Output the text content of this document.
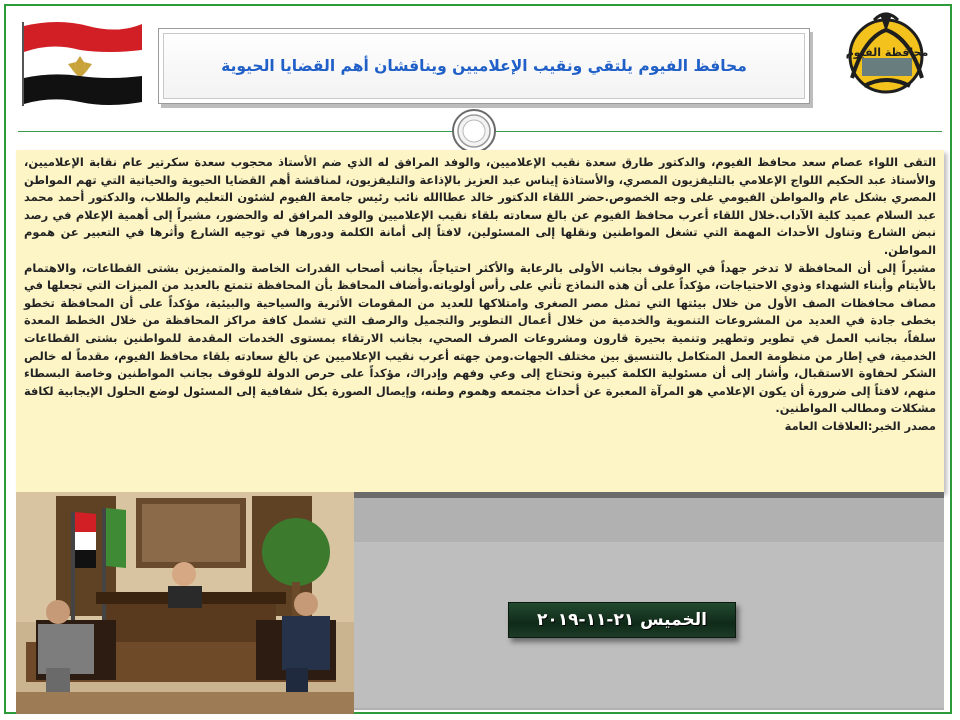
محافظة الفيوم
محافظ الفيوم يلتقي ونقيب الإعلاميين ويناقشان أهم القضايا الحيوية

التقى اللواء عصام سعد محافظ الفيوم، والدكتور طارق سعدة نقيب الإعلاميين، والوفد المرافق له الذي ضم الأستاذ محجوب سعدة سكرتير عام نقابة الإعلاميين، والأستاذ عبد الحكيم اللواج الإعلامي بالتليفزيون المصري، والأستاذة إيناس عبد العزيز بالإذاعة والتليفزيون، لمناقشة أهم القضايا الحيوية والحياتية التي تهم المواطن المصري بشكل عام والمواطن الفيومي على وجه الخصوص.حضر اللقاء الدكتور خالد عطاالله نائب رئيس جامعة الفيوم لشئون التعليم والطلاب، والدكتور أحمد محمد عبد السلام عميد كلية الآداب.خلال اللقاء أعرب محافظ الفيوم عن بالغ سعادته بلقاء نقيب الإعلاميين والوفد المرافق له والحضور، مشيراً إلى أهمية الإعلام في رصد نبض الشارع وتناول الأحداث المهمة التي تشغل المواطنين ونقلها إلى المسئولين، لافتاً إلى أمانة الكلمة ودورها في توجيه الشارع وأثرها في التعبير عن هموم المواطن.

مشيراً إلى أن المحافظة لا تدخر جهداً في الوقوف بجانب الأولى بالرعاية والأكثر احتياجاً، بجانب أصحاب القدرات الخاصة والمتميزين بشتى القطاعات، والاهتمام بالأيتام وأبناء الشهداء وذوي الاحتياجات، مؤكداً على أن هذه النماذج تأتي على رأس أولوياته.وأضاف المحافظ بأن المحافظة تتمتع بالعديد من الميزات التي تجعلها في مصاف محافظات الصف الأول من خلال بيئتها التي تمثل مصر الصغرى وامتلاكها للعديد من المقومات الأثرية والسياحية والبيئية، مؤكداً على أن المحافظة تخطو بخطى جادة في العديد من المشروعات التنموية والخدمية من خلال أعمال التطوير والتجميل والرصف التي تشمل كافة مراكز المحافظة من خلال الخطط المعدة سلفاً، بجانب العمل في تطوير وتطهير وتنمية بحيرة قارون ومشروعات الصرف الصحي، بجانب الارتقاء بمستوى الخدمات المقدمة للمواطنين بشتى القطاعات الخدمية، في إطار من منظومة العمل المتكامل بالتنسيق بين مختلف الجهات.ومن جهته أعرب نقيب الإعلاميين عن بالغ سعادته بلقاء محافظ الفيوم، مقدماً له خالص الشكر لحفاوة الاستقبال، وأشار إلى أن مسئولية الكلمة كبيرة وتحتاج إلى وعي وفهم وإدراك، مؤكداً على حرص الدولة للوقوف بجانب المواطنين وخاصة البسطاء منهم، لافتاً إلى ضرورة أن يكون الإعلامي هو المرآة المعبرة عن أحداث مجتمعه وهموم وطنه، وإيصال الصورة بكل شفافية إلى المسئول لوضع الحلول الإيجابية لكافة مشكلات ومطالب المواطنين.

مصدر الخبر:العلاقات العامة

الخميس ٢١-١١-٢٠١٩
